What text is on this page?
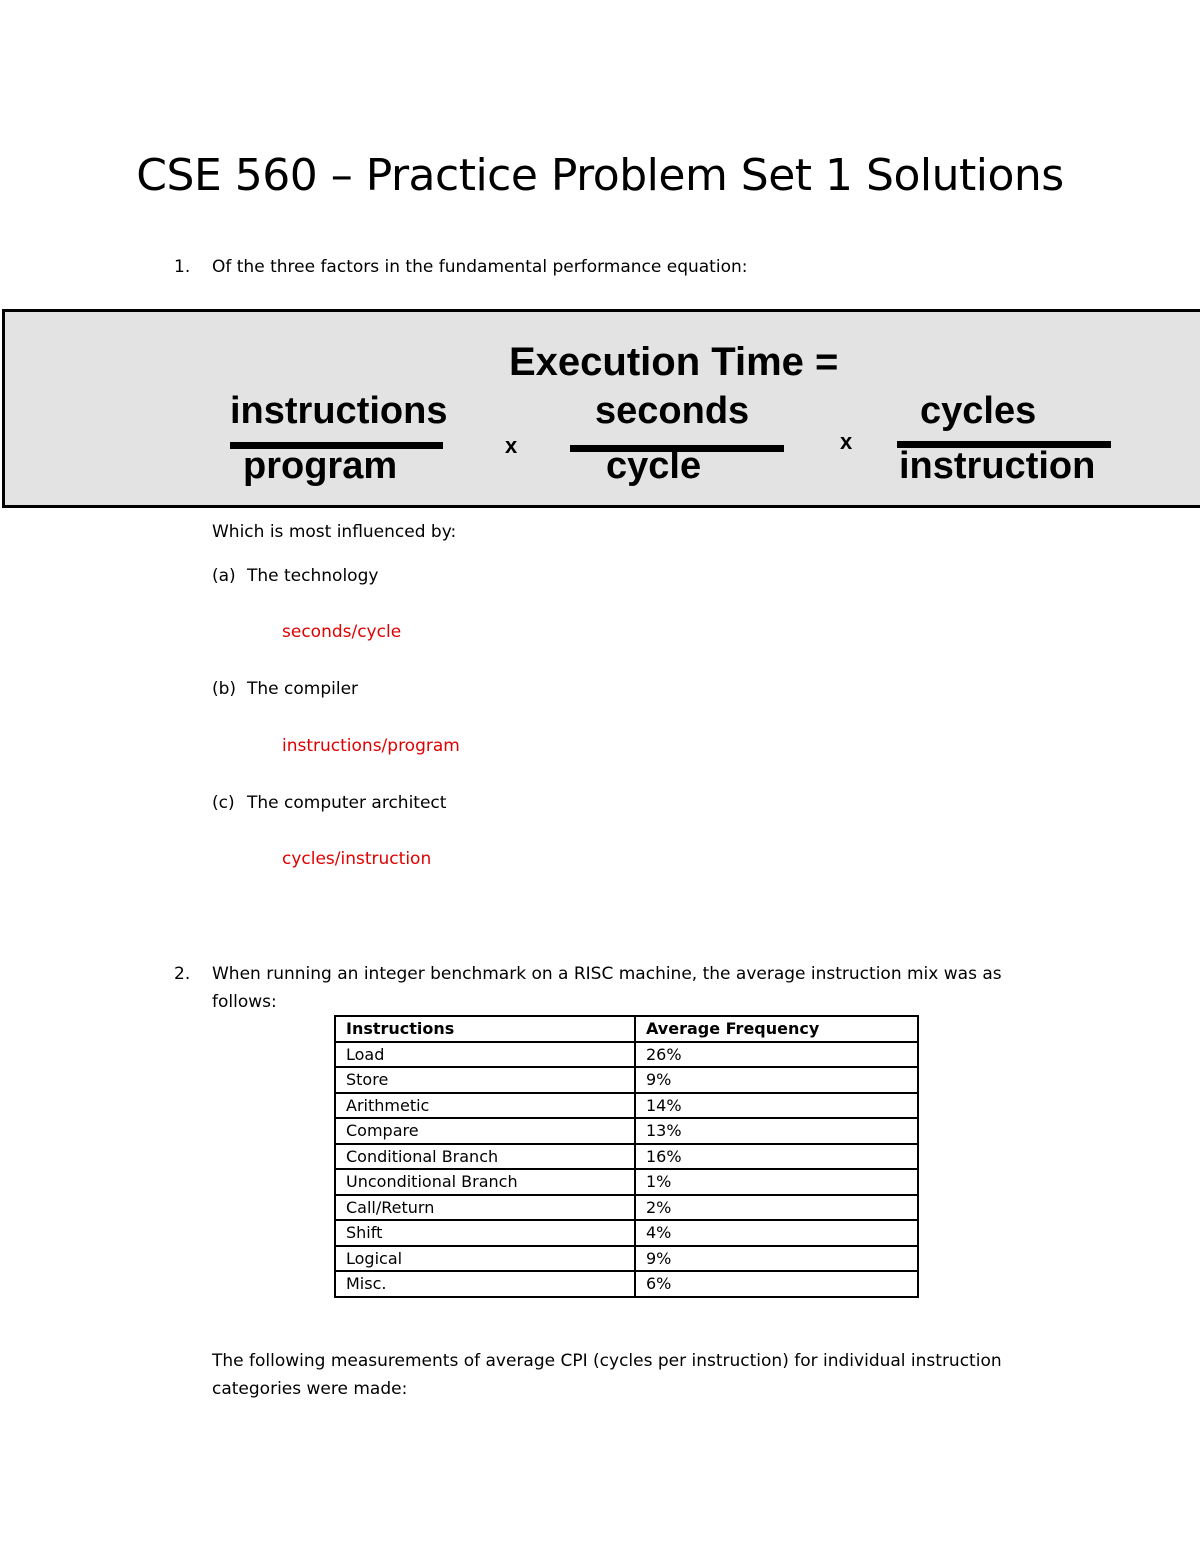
CSE 560 – Practice Problem Set 1 Solutions
1. Of the three factors in the fundamental performance equation:
Execution Time =
instructions
program	x
seconds
cycle
x
cycles
instruction
Which is most influenced by:
(a) The technology
seconds/cycle
(b) The compiler
instructions/program
(c) The computer architect
cycles/instruction
2. When running an integer benchmark on a RISC machine, the average instruction mix was as
follows:
Instructions	Average Frequency
Load	26%
Store	9%
Arithmetic	14%
Compare	13%
Conditional Branch	16%
Unconditional Branch	1%
Call/Return	2%
Shift	4%
Logical	9%
Misc.	6%
The following measurements of average CPI (cycles per instruction) for individual instruction
categories were made:
